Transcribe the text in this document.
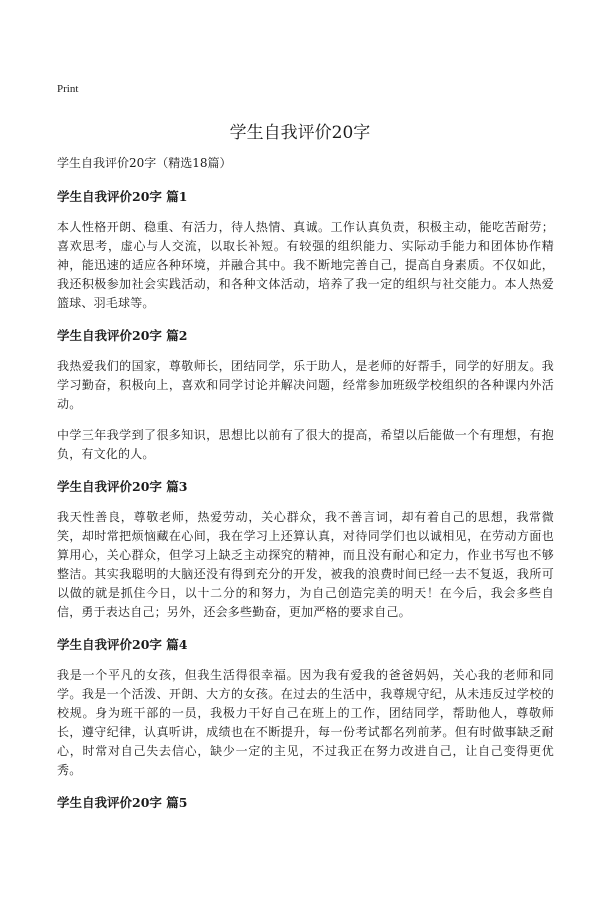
Print
学生自我评价20字

学生自我评价20字（精选18篇）

学生自我评价20字 篇1

本人性格开朗、稳重、有活力，待人热情、真诚。工作认真负责，积极主动，能吃苦耐劳；喜欢思考，虚心与人交流，以取长补短。有较强的组织能力、实际动手能力和团体协作精神，能迅速的适应各种环境，并融合其中。我不断地完善自己，提高自身素质。不仅如此，我还积极参加社会实践活动，和各种文体活动，培养了我一定的组织与社交能力。本人热爱篮球、羽毛球等。

学生自我评价20字 篇2

我热爱我们的国家，尊敬师长，团结同学，乐于助人，是老师的好帮手，同学的好朋友。我学习勤奋，积极向上，喜欢和同学讨论并解决问题，经常参加班级学校组织的各种课内外活动。

中学三年我学到了很多知识，思想比以前有了很大的提高，希望以后能做一个有理想，有抱负，有文化的人。

学生自我评价20字 篇3

我天性善良，尊敬老师，热爱劳动，关心群众，我不善言词，却有着自己的思想，我常微笑，却时常把烦恼藏在心间，我在学习上还算认真，对待同学们也以诚相见，在劳动方面也算用心，关心群众，但学习上缺乏主动探究的精神，而且没有耐心和定力，作业书写也不够整洁。其实我聪明的大脑还没有得到充分的开发，被我的浪费时间已经一去不复返，我所可以做的就是抓住今日，以十二分的和努力，为自己创造完美的明天！在今后，我会多些自信，勇于表达自己；另外，还会多些勤奋，更加严格的要求自己。

学生自我评价20字 篇4

我是一个平凡的女孩，但我生活得很幸福。因为我有爱我的爸爸妈妈，关心我的老师和同学。我是一个活泼、开朗、大方的女孩。在过去的生活中，我尊规守纪，从未违反过学校的校规。身为班干部的一员，我极力干好自己在班上的工作，团结同学，帮助他人，尊敬师长，遵守纪律，认真听讲，成绩也在不断提升，每一份考试都名列前茅。但有时做事缺乏耐心，时常对自己失去信心，缺少一定的主见，不过我正在努力改进自己，让自己变得更优秀。

学生自我评价20字 篇5
